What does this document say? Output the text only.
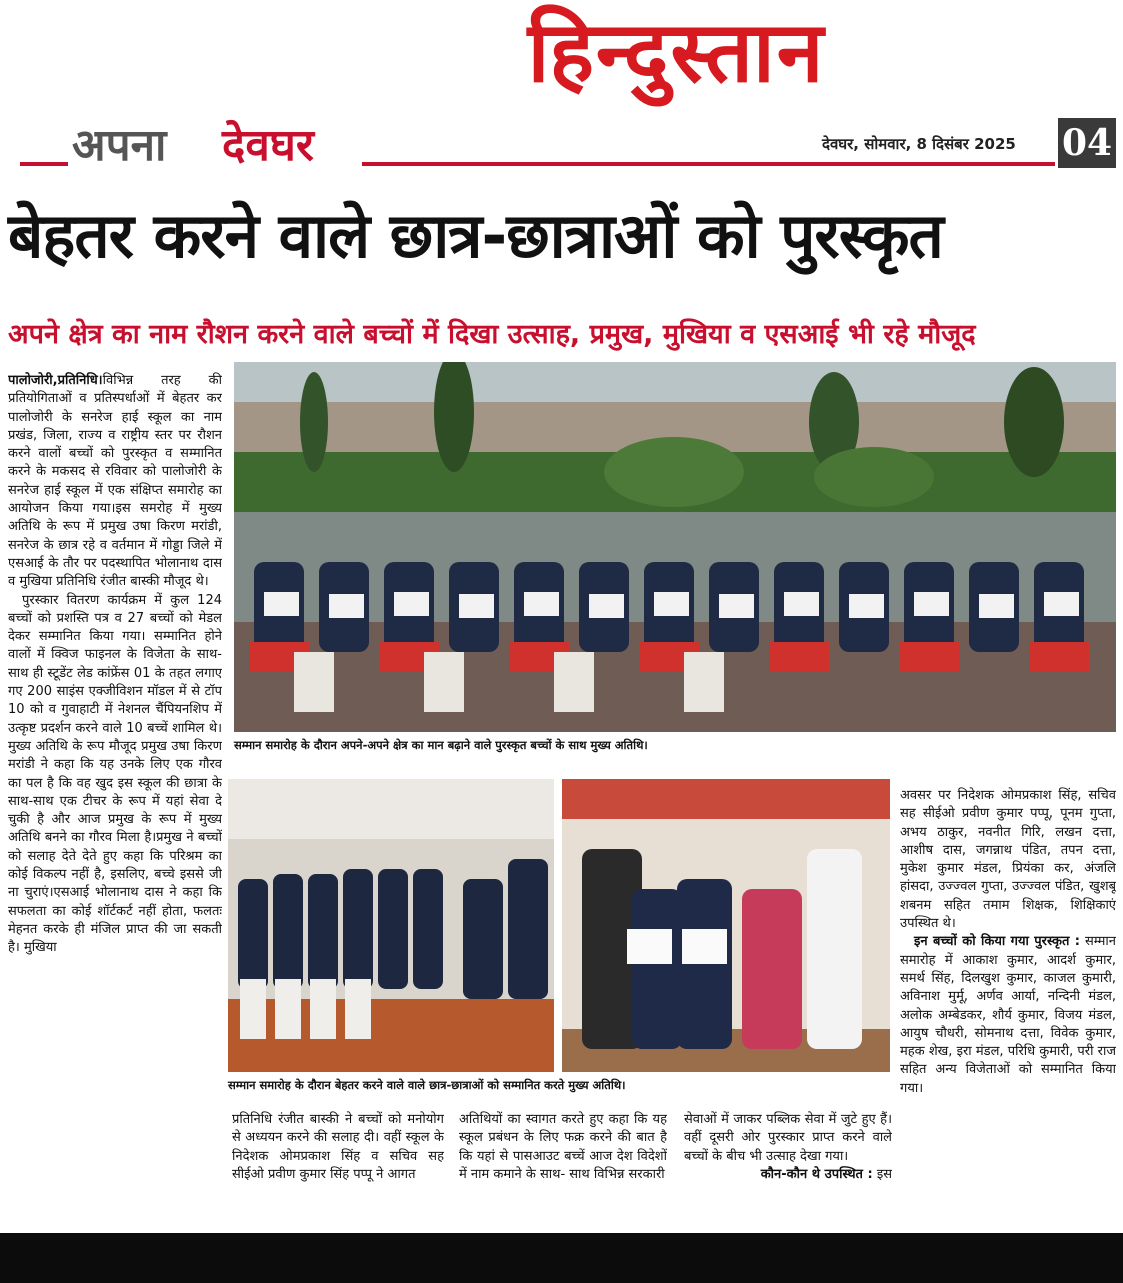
हिन्दुस्तान
अपना देवघर	देवघर, सोमवार, 8 दिसंबर 2025 04
बेहतर करने वाले छात्र-छात्राओं को पुरस्कृत
अपने क्षेत्र का नाम रौशन करने वाले बच्चों में दिखा उत्साह, प्रमुख, मुखिया व एसआई भी रहे मौजूद

पालोजोरी,प्रतिनिधि।विभिन्न तरह की प्रतियोगिताओं व प्रतिस्पर्धाओं में बेहतर कर पालोजोरी के सनरेज हाई स्कूल का नाम प्रखंड, जिला, राज्य व राष्ट्रीय स्तर पर रौशन करने वालों बच्चों को पुरस्कृत व सम्मानित करने के मकसद से रविवार को पालोजोरी के सनरेज हाई स्कूल में एक संक्षिप्त समारोह का आयोजन किया गया।इस समरोह में मुख्य अतिथि के रूप में प्रमुख उषा किरण मरांडी, सनरेज के छात्र रहे व वर्तमान में गोड्डा जिले में एसआई के तौर पर पदस्थापित भोलानाथ दास व मुखिया प्रतिनिधि रंजीत बास्की मौजूद थे।

पुरस्कार वितरण कार्यक्रम में कुल 124 बच्चों को प्रशस्ति पत्र व 27 बच्चों को मेडल देकर सम्मानित किया गया। सम्मानित होने वालों में क्विज फाइनल के विजेता के साथ-साथ ही स्टूडेंट लेड कांफ्रेंस 01 के तहत लगाए गए 200 साइंस एक्जीविशन मॉडल में से टॉप 10 को व गुवाहाटी में नेशनल चैंपियनशिप में उत्कृष्ट प्रदर्शन करने वाले 10 बच्चें शामिल थे।मुख्य अतिथि के रूप मौजूद प्रमुख उषा किरण मरांडी ने कहा कि यह उनके लिए एक गौरव का पल है कि वह खुद इस स्कूल की छात्रा के साथ-साथ एक टीचर के रूप में यहां सेवा दे चुकी है और आज प्रमुख के रूप में मुख्य अतिथि बनने का गौरव मिला है।प्रमुख ने बच्चों को सलाह देते देते हुए कहा कि परिश्रम का कोई विकल्प नहीं है, इसलिए, बच्चे इससे जी ना चुराएं।एसआई भोलानाथ दास ने कहा कि सफलता का कोई शॉर्टकर्ट नहीं होता, फलतः मेहनत करके ही मंजिल प्राप्त की जा सकती है। मुखिया

सम्मान समारोह के दौरान अपने-अपने क्षेत्र का मान बढ़ाने वाले पुरस्कृत बच्चों के साथ मुख्य अतिथि।
सम्मान समारोह के दौरान बेहतर करने वाले वाले छात्र-छात्राओं को सम्मानित करते मुख्य अतिथि।
प्रतिनिधि रंजीत बास्की ने बच्चों को मनोयोग से अध्ययन करने की सलाह दी। वहीं स्कूल के निदेशक ओमप्रकाश सिंह व सचिव सह सीईओ प्रवीण कुमार सिंह पप्पू ने आगत
अतिथियों का स्वागत करते हुए कहा कि यह स्कूल प्रबंधन के लिए फक्र करने की बात है कि यहां से पासआउट बच्चें आज देश विदेशों में नाम कमाने के साथ- साथ विभिन्न सरकारी

सेवाओं में जाकर पब्लिक सेवा में जुटे हुए हैं। वहीं दूसरी ओर पुरस्कार प्राप्त करने वाले बच्चों के बीच भी उत्साह देखा गया।

कौन-कौन थे उपस्थित : इस

अवसर पर निदेशक ओमप्रकाश सिंह, सचिव सह सीईओ प्रवीण कुमार पप्पू, पूनम गुप्ता, अभय ठाकुर, नवनीत गिरि, लखन दत्ता, आशीष दास, जगन्नाथ पंडित, तपन दत्ता, मुकेश कुमार मंडल, प्रियंका कर, अंजलि हांसदा, उज्ज्वल गुप्ता, उज्ज्वल पंडित, खुशबू शबनम सहित तमाम शिक्षक, शिक्षिकाएं उपस्थित थे।

इन बच्चों को किया गया पुरस्कृत : सम्मान समारोह में आकाश कुमार, आदर्श कुमार, समर्थ सिंह, दिलखुश कुमार, काजल कुमारी, अविनाश मुर्मू, अर्णव आर्या, नन्दिनी मंडल, अलोक अम्बेडकर, शौर्य कुमार, विजय मंडल, आयुष चौधरी, सोमनाथ दत्ता, विवेक कुमार, महक शेख, इरा मंडल, परिधि कुमारी, परी राज सहित अन्य विजेताओं को सम्मानित किया गया।
